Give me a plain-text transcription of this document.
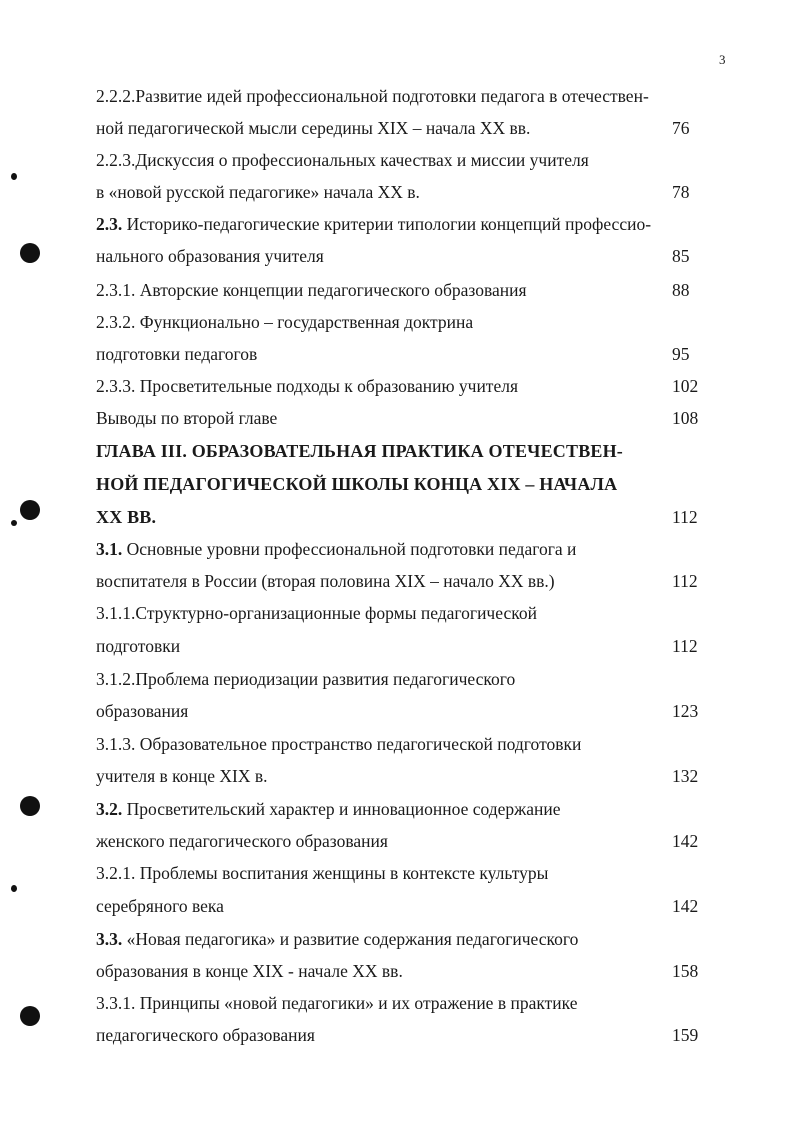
3
2.2.2.Развитие идей профессиональной подготовки педагога в отечествен-
ной педагогической мысли середины XIX – начала XX вв.	76
2.2.3.Дискуссия о профессиональных качествах и миссии учителя
в «новой русской педагогике» начала XX в.	78
2.3. Историко-педагогические критерии типологии концепций профессио-
нального образования учителя	85
2.3.1. Авторские концепции педагогического образования	88
2.3.2. Функционально – государственная доктрина
подготовки педагогов	95
2.3.3. Просветительные подходы к образованию учителя	102
Выводы по второй главе	108
ГЛАВА III. ОБРАЗОВАТЕЛЬНАЯ ПРАКТИКА ОТЕЧЕСТВЕН-
НОЙ ПЕДАГОГИЧЕСКОЙ ШКОЛЫ КОНЦА XIX – НАЧАЛА
XX ВВ.	112
3.1. Основные уровни профессиональной подготовки педагога и
воспитателя в России (вторая половина XIX – начало XX вв.)	112
3.1.1.Структурно-организационные формы педагогической
подготовки	112
3.1.2.Проблема периодизации развития педагогического
образования	123
3.1.3. Образовательное пространство педагогической подготовки
учителя в конце XIX в.	132
3.2. Просветительский характер и инновационное содержание
женского педагогического образования	142
3.2.1. Проблемы воспитания женщины в контексте культуры
серебряного века	142
3.3. «Новая педагогика» и развитие содержания педагогического
образования в конце XIX - начале XX вв.	158
3.3.1. Принципы «новой педагогики» и их отражение в практике
педагогического образования	159
